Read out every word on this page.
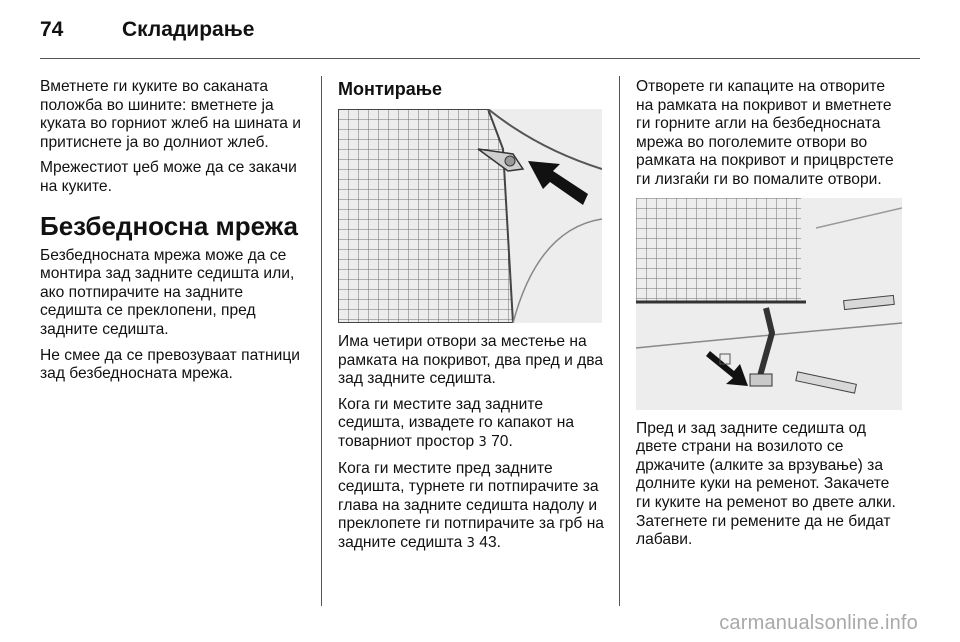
74	Складирање

Вметнете ги куките во саканата положба во шините: вметнете ја куката во горниот жлеб на шината и притиснете ја во долниот жлеб.

Мрежестиот џеб може да се закачи на куките.

Безбедносна мрежа

Безбедносната мрежа може да се монтира зад задните седишта или, ако потпирачите на задните седишта се преклопени, пред задните седишта.

Не смее да се превозуваат патници зад безбедносната мрежа.

Монтирање

Има четири отвори за местење на рамката на покривот, два пред и два зад задните седишта.

Кога ги местите зад задните седишта, извадете го капакот на товарниот простор 3 70.

Кога ги местите пред задните седишта, турнете ги потпирачите за глава на задните седишта надолу и преклопете ги потпирачите за грб на задните седишта 3 43.

Отворете ги капаците на отворите на рамката на покривот и вметнете ги горните агли на безбедносната мрежа во поголемите отвори во рамката на покривот и прицврстете ги лизгаќи ги во помалите отвори.

Пред и зад задните седишта од двете страни на возилото се држачите (алките за врзување) за долните куки на ременот. Закачете ги куките на ременот во двете алки. Затегнете ги ремените да не бидат лабави.

carmanualsonline.info
